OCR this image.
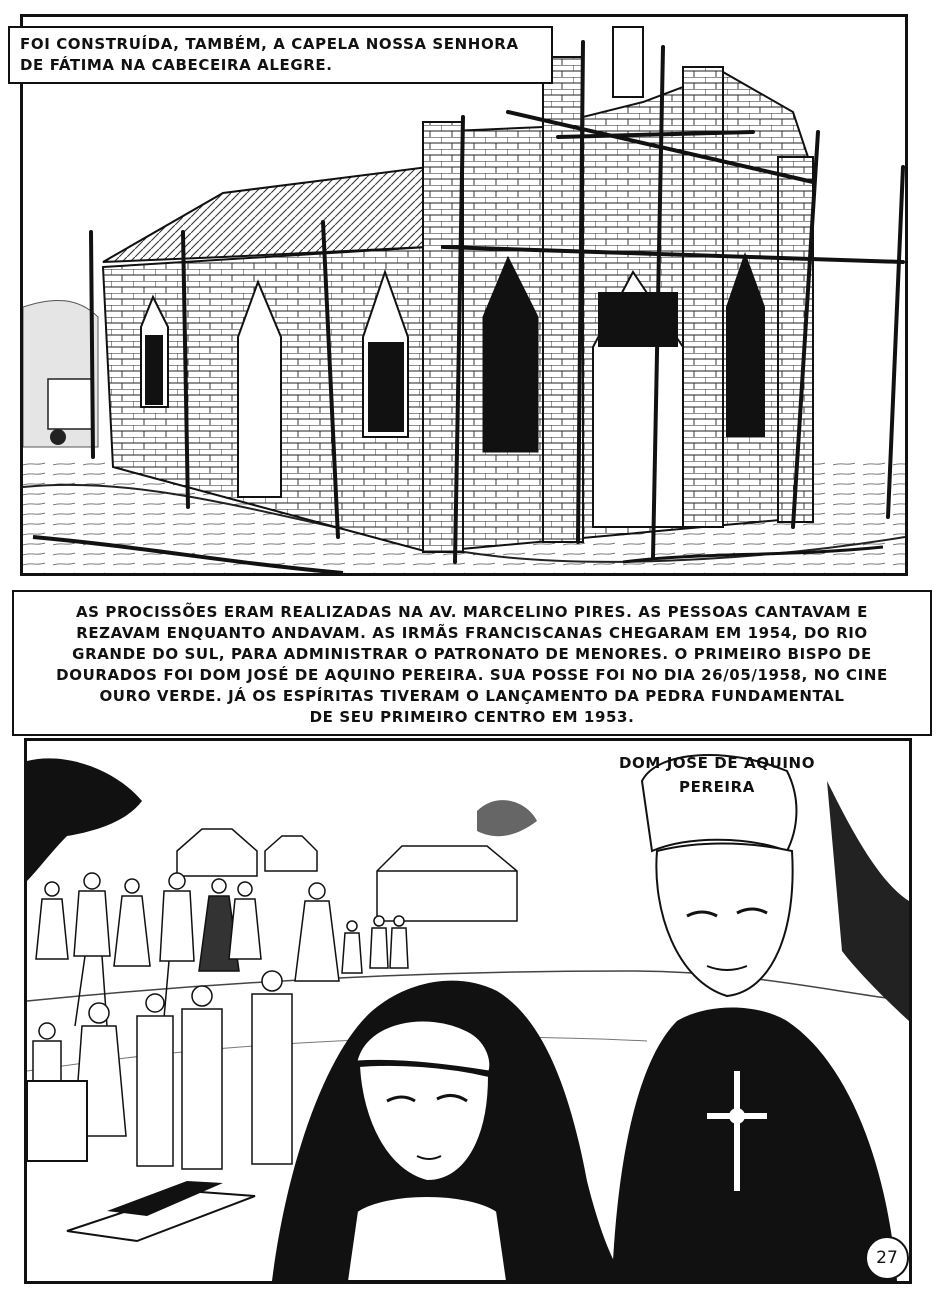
FOI CONSTRUÍDA, TAMBÉM, A CAPELA NOSSA SENHORA
DE FÁTIMA NA CABECEIRA ALEGRE.
AS PROCISSÕES ERAM REALIZADAS NA AV. MARCELINO PIRES. AS PESSOAS CANTAVAM E
REZAVAM ENQUANTO ANDAVAM. AS IRMÃS FRANCISCANAS CHEGARAM EM 1954, DO RIO
GRANDE DO SUL, PARA ADMINISTRAR O PATRONATO DE MENORES. O PRIMEIRO BISPO DE
DOURADOS FOI DOM JOSÉ DE AQUINO PEREIRA. SUA POSSE FOI NO DIA 26/05/1958, NO CINE
OURO VERDE. JÁ OS ESPÍRITAS TIVERAM O LANÇAMENTO DA PEDRA FUNDAMENTAL
DE SEU PRIMEIRO CENTRO EM 1953.
DOM JOSÉ DE AQUINO
PEREIRA
27
